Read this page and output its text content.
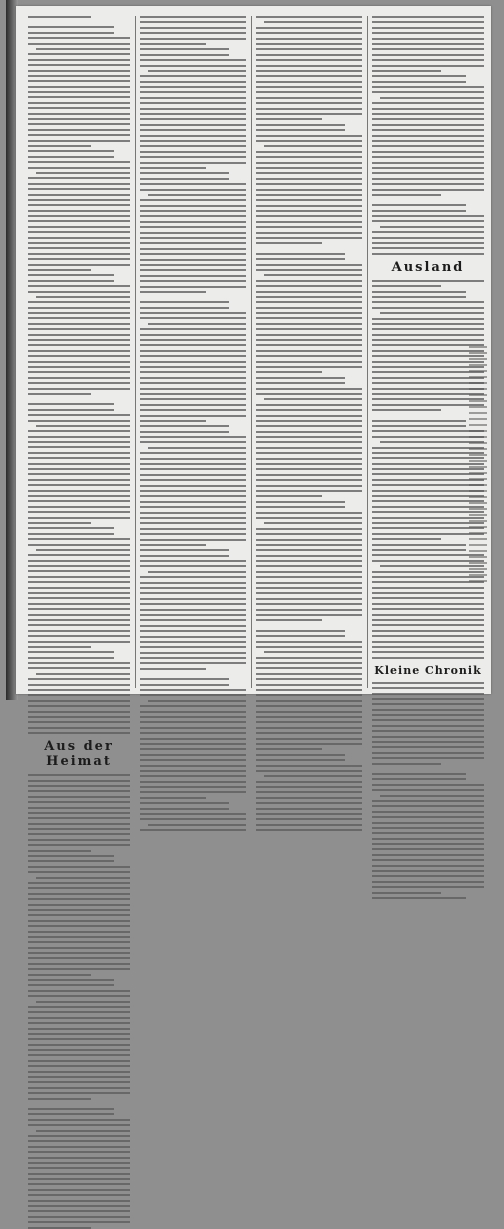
Aus der Heimat
Ausland
Kleine Chronik
